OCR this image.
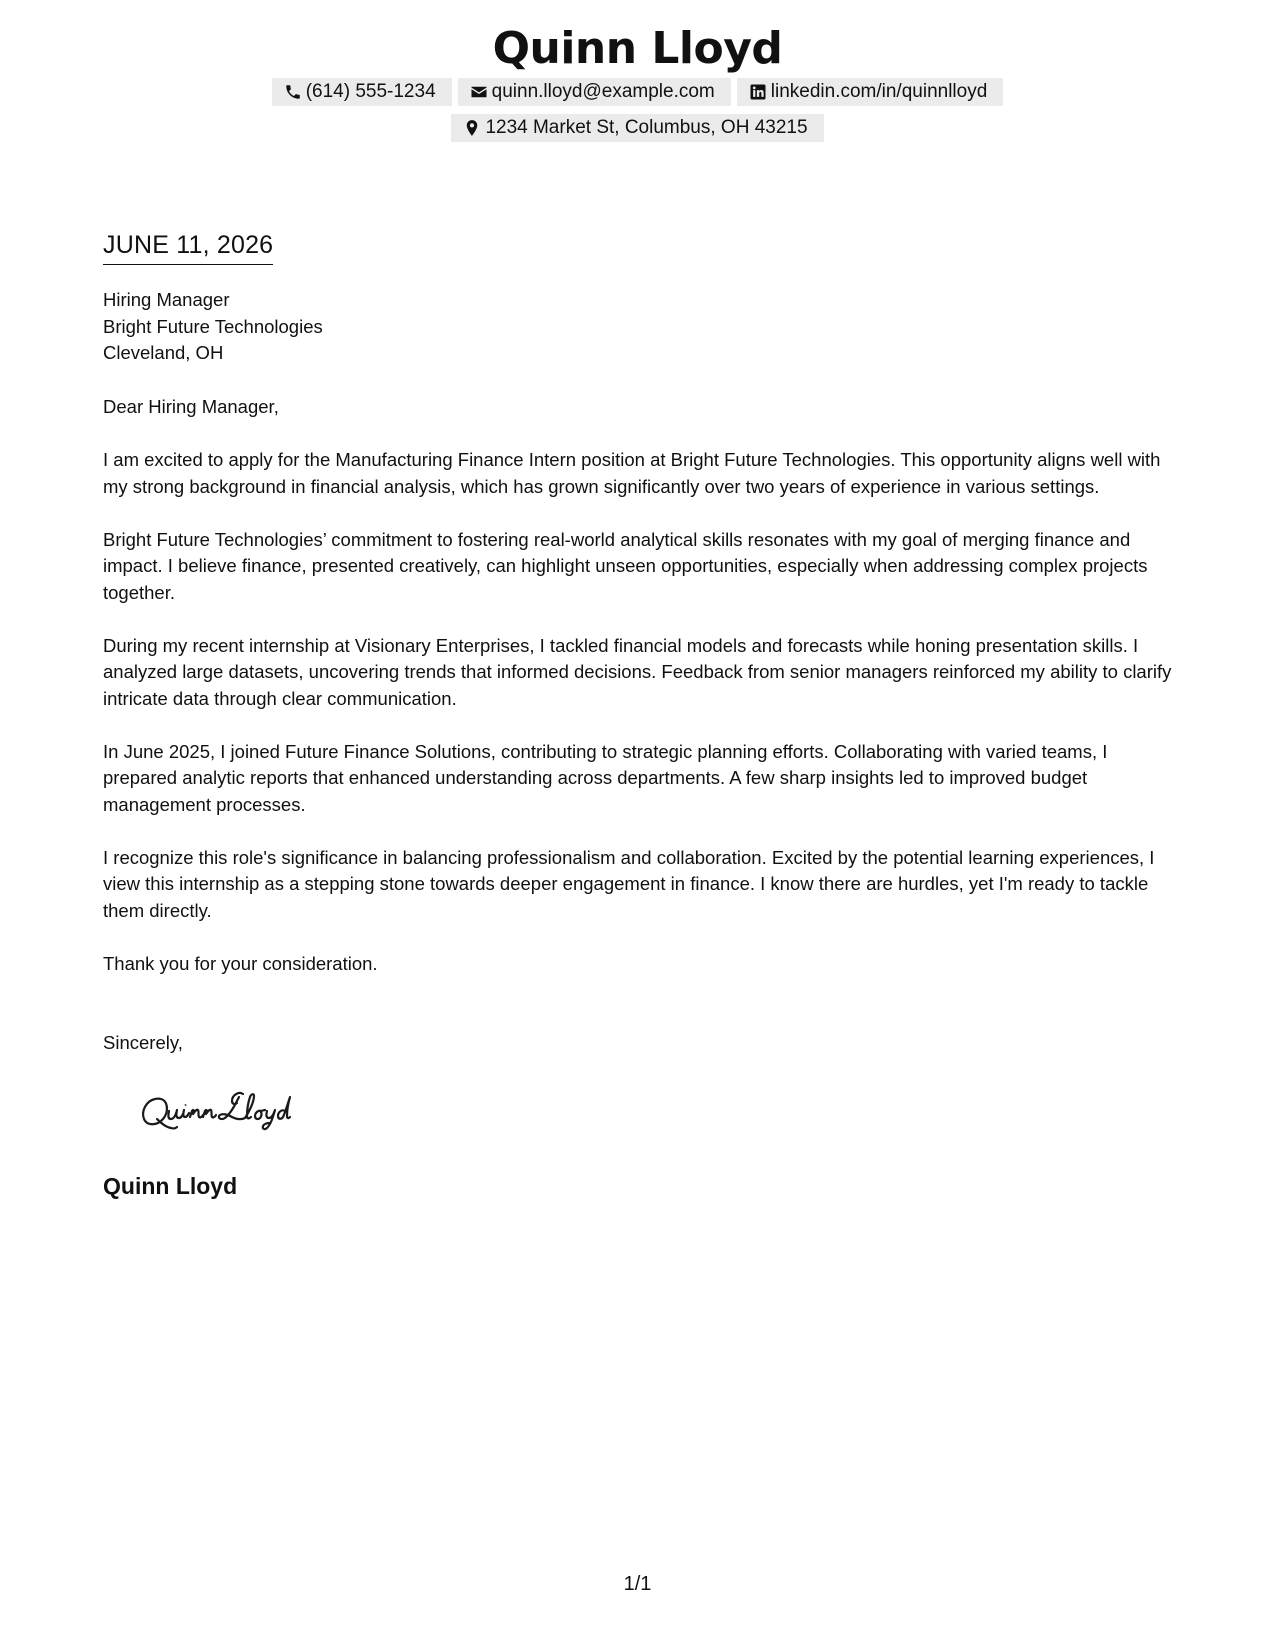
Quinn Lloyd
(614) 555-1234	quinn.lloyd@example.com	linkedin.com/in/quinnlloyd
1234 Market St, Columbus, OH 43215
JUNE 11, 2026
Hiring Manager
Bright Future Technologies
Cleveland, OH

Dear Hiring Manager,

I am excited to apply for the Manufacturing Finance Intern position at Bright Future Technologies. This opportunity aligns well with my strong background in financial analysis, which has grown significantly over two years of experience in various settings.

Bright Future Technologies’ commitment to fostering real-world analytical skills resonates with my goal of merging finance and impact. I believe finance, presented creatively, can highlight unseen opportunities, especially when addressing complex projects together.

During my recent internship at Visionary Enterprises, I tackled financial models and forecasts while honing presentation skills. I analyzed large datasets, uncovering trends that informed decisions. Feedback from senior managers reinforced my ability to clarify intricate data through clear communication.

In June 2025, I joined Future Finance Solutions, contributing to strategic planning efforts. Collaborating with varied teams, I prepared analytic reports that enhanced understanding across departments. A few sharp insights led to improved budget management processes.

I recognize this role's significance in balancing professionalism and collaboration. Excited by the potential learning experiences, I view this internship as a stepping stone towards deeper engagement in finance. I know there are hurdles, yet I'm ready to tackle them directly.

Thank you for your consideration.

Sincerely,
Quinn Lloyd
1/1
